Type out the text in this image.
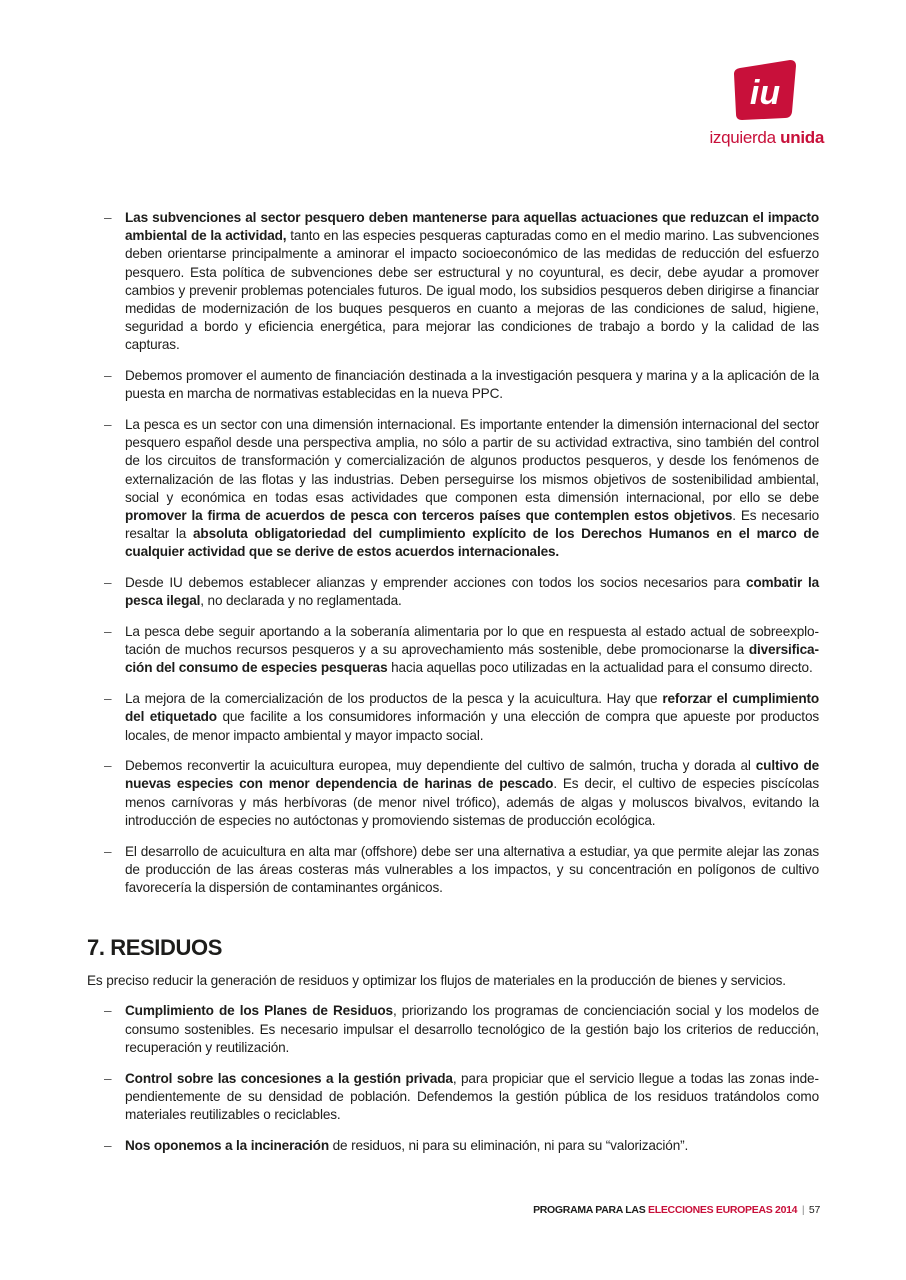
iu
izquierda unida
– Las subvenciones al sector pesquero deben mantenerse para aquellas actuaciones que reduzcan el impacto ambiental de la actividad, tanto en las especies pesqueras capturadas como en el medio marino. Las subvenciones deben orientarse principalmente a aminorar el impacto socioeconómico de las medidas de reducción del esfuerzo pesquero. Esta política de subvenciones debe ser estructural y no coyuntural, es decir, debe ayudar a promover cambios y prevenir problemas potenciales futuros. De igual modo, los subsidios pesqueros deben dirigirse a financiar medidas de modernización de los buques pesqueros en cuanto a mejoras de las condiciones de salud, higiene, seguridad a bordo y eficiencia energética, para mejorar las condiciones de trabajo a bordo y la calidad de las capturas.
– Debemos promover el aumento de financiación destinada a la investigación pesquera y marina y a la aplicación de la puesta en marcha de normativas establecidas en la nueva PPC.
– La pesca es un sector con una dimensión internacional. Es importante entender la dimensión internacional del sector pesquero español desde una perspectiva amplia, no sólo a partir de su actividad extractiva, sino también del control de los circuitos de transformación y comercialización de algunos productos pesqueros, y desde los fenómenos de externalización de las flotas y las industrias. Deben perseguirse los mismos objetivos de sostenibilidad ambiental, social y económica en todas esas actividades que componen esta dimensión internacional, por ello se debe promover la firma de acuerdos de pesca con terceros países que contemplen estos objetivos. Es necesario resaltar la absoluta obligatoriedad del cumplimiento explícito de los Derechos Humanos en el marco de cualquier actividad que se derive de estos acuerdos internacionales.
– Desde IU debemos establecer alianzas y emprender acciones con todos los socios necesarios para combatir la pesca ilegal, no declarada y no reglamentada.
– La pesca debe seguir aportando a la soberanía alimentaria por lo que en respuesta al estado actual de sobreexplotación de muchos recursos pesqueros y a su aprovechamiento más sostenible, debe promocionarse la diversificación del consumo de especies pesqueras hacia aquellas poco utilizadas en la actualidad para el consumo directo.
– La mejora de la comercialización de los productos de la pesca y la acuicultura. Hay que reforzar el cumplimiento del etiquetado que facilite a los consumidores información y una elección de compra que apueste por productos locales, de menor impacto ambiental y mayor impacto social.
– Debemos reconvertir la acuicultura europea, muy dependiente del cultivo de salmón, trucha y dorada al cultivo de nuevas especies con menor dependencia de harinas de pescado. Es decir, el cultivo de especies piscícolas menos carnívoras y más herbívoras (de menor nivel trófico), además de algas y moluscos bivalvos, evitando la introducción de especies no autóctonas y promoviendo sistemas de producción ecológica.
– El desarrollo de acuicultura en alta mar (offshore) debe ser una alternativa a estudiar, ya que permite alejar las zonas de producción de las áreas costeras más vulnerables a los impactos, y su concentración en polígonos de cultivo favorecería la dispersión de contaminantes orgánicos.
7. RESIDUOS

Es preciso reducir la generación de residuos y optimizar los flujos de materiales en la producción de bienes y servicios.

– Cumplimiento de los Planes de Residuos, priorizando los programas de concienciación social y los modelos de consumo sostenibles. Es necesario impulsar el desarrollo tecnológico de la gestión bajo los criterios de reducción, recuperación y reutilización.
– Control sobre las concesiones a la gestión privada, para propiciar que el servicio llegue a todas las zonas independientemente de su densidad de población. Defendemos la gestión pública de los residuos tratándolos como materiales reutilizables o reciclables.
– Nos oponemos a la incineración de residuos, ni para su eliminación, ni para su “valorización”.
PROGRAMA PARA LAS ELECCIONES EUROPEAS 2014 | 57
